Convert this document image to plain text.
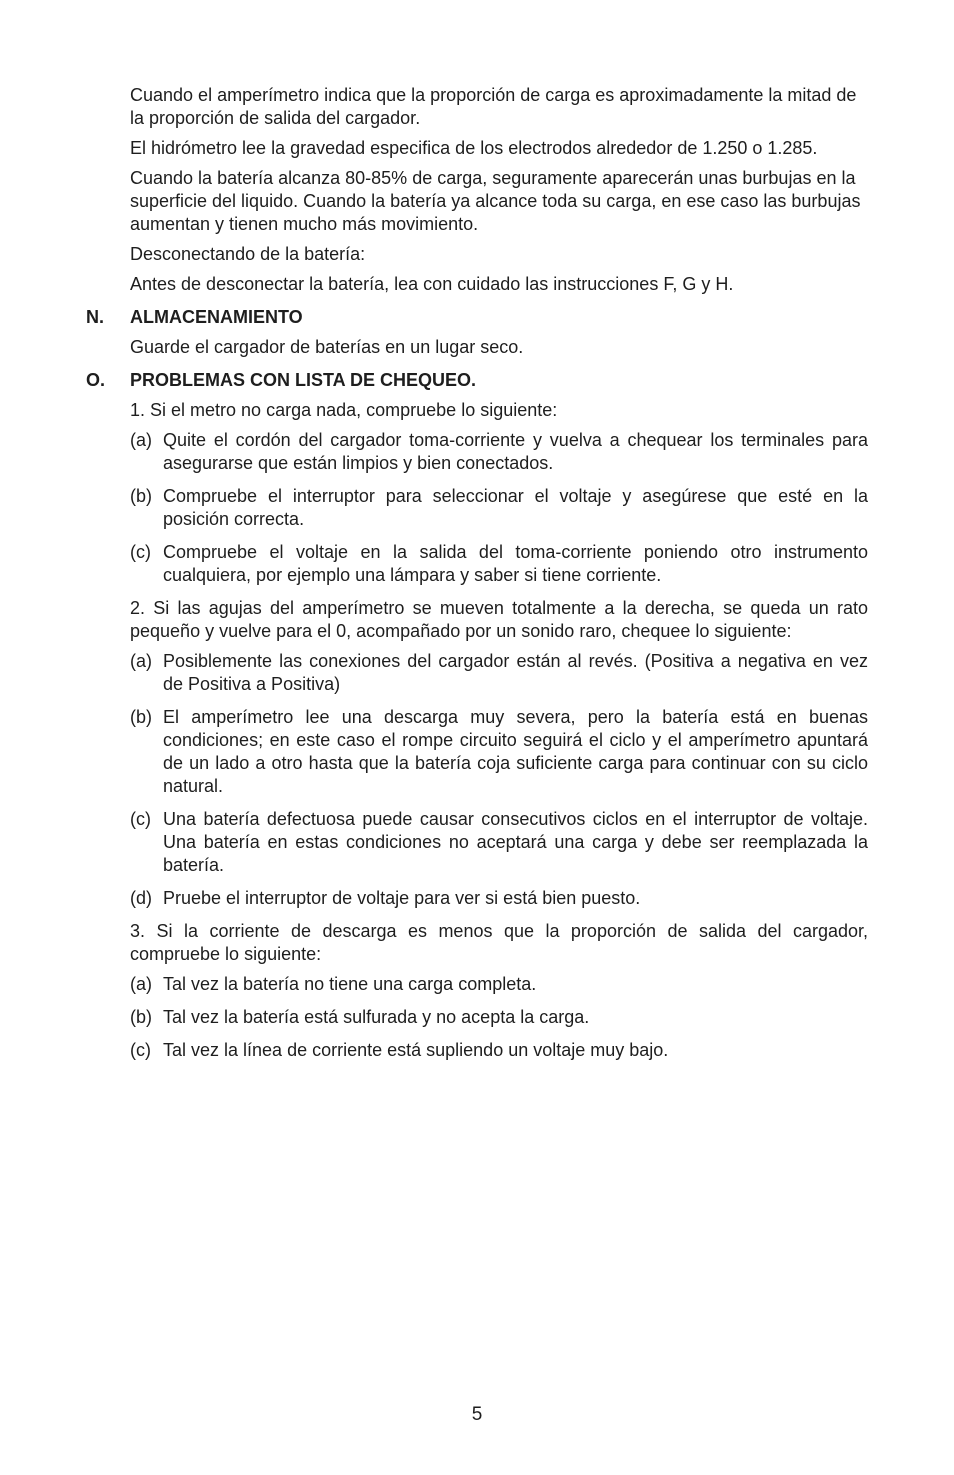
Cuando el amperímetro indica que la proporción de carga es aproximadamente la mitad de la proporción de salida del cargador.

El hidrómetro lee la gravedad especifica de los electrodos alrededor de 1.250 o 1.285.

Cuando la batería alcanza 80-85% de carga, seguramente aparecerán unas burbujas en la superficie del liquido. Cuando la batería ya alcance toda su carga, en ese caso las burbujas aumentan y tienen mucho más movimiento.

Desconectando de la batería:

Antes de desconectar la batería, lea con cuidado las instrucciones F, G y H.

N. ALMACENAMIENTO

Guarde el cargador de baterías en un lugar seco.

O. PROBLEMAS CON LISTA DE CHEQUEO.

1. Si el metro no carga nada, compruebe lo siguiente:

(a) Quite el cordón del cargador toma-corriente y vuelva a chequear los terminales para asegurarse que están limpios y bien conectados.
(b) Compruebe el interruptor para seleccionar el voltaje y asegúrese que esté en la posición correcta.
(c) Compruebe el voltaje en la salida del toma-corriente poniendo otro instrumento cualquiera, por ejemplo una lámpara y saber si tiene corriente.

2. Si las agujas del amperímetro se mueven totalmente a la derecha, se queda un rato pequeño y vuelve para el 0, acompañado por un sonido raro, chequee lo siguiente:

(a) Posiblemente las conexiones del cargador están al revés. (Positiva a negativa en vez de Positiva a Positiva)
(b) El amperímetro lee una descarga muy severa, pero la batería está en buenas condiciones; en este caso el rompe circuito seguirá el ciclo y el amperímetro apuntará de un lado a otro hasta que la batería coja suficiente carga para continuar con su ciclo natural.
(c) Una batería defectuosa puede causar consecutivos ciclos en el interruptor de voltaje. Una batería en estas condiciones no aceptará una carga y debe ser reemplazada la batería.
(d) Pruebe el interruptor de voltaje para ver si está bien puesto.

3. Si la corriente de descarga es menos que la proporción de salida del cargador, compruebe lo siguiente:

(a) Tal vez la batería no tiene una carga completa.
(b) Tal vez la batería está sulfurada y no acepta la carga.
(c) Tal vez la línea de corriente está supliendo un voltaje muy bajo.
5
